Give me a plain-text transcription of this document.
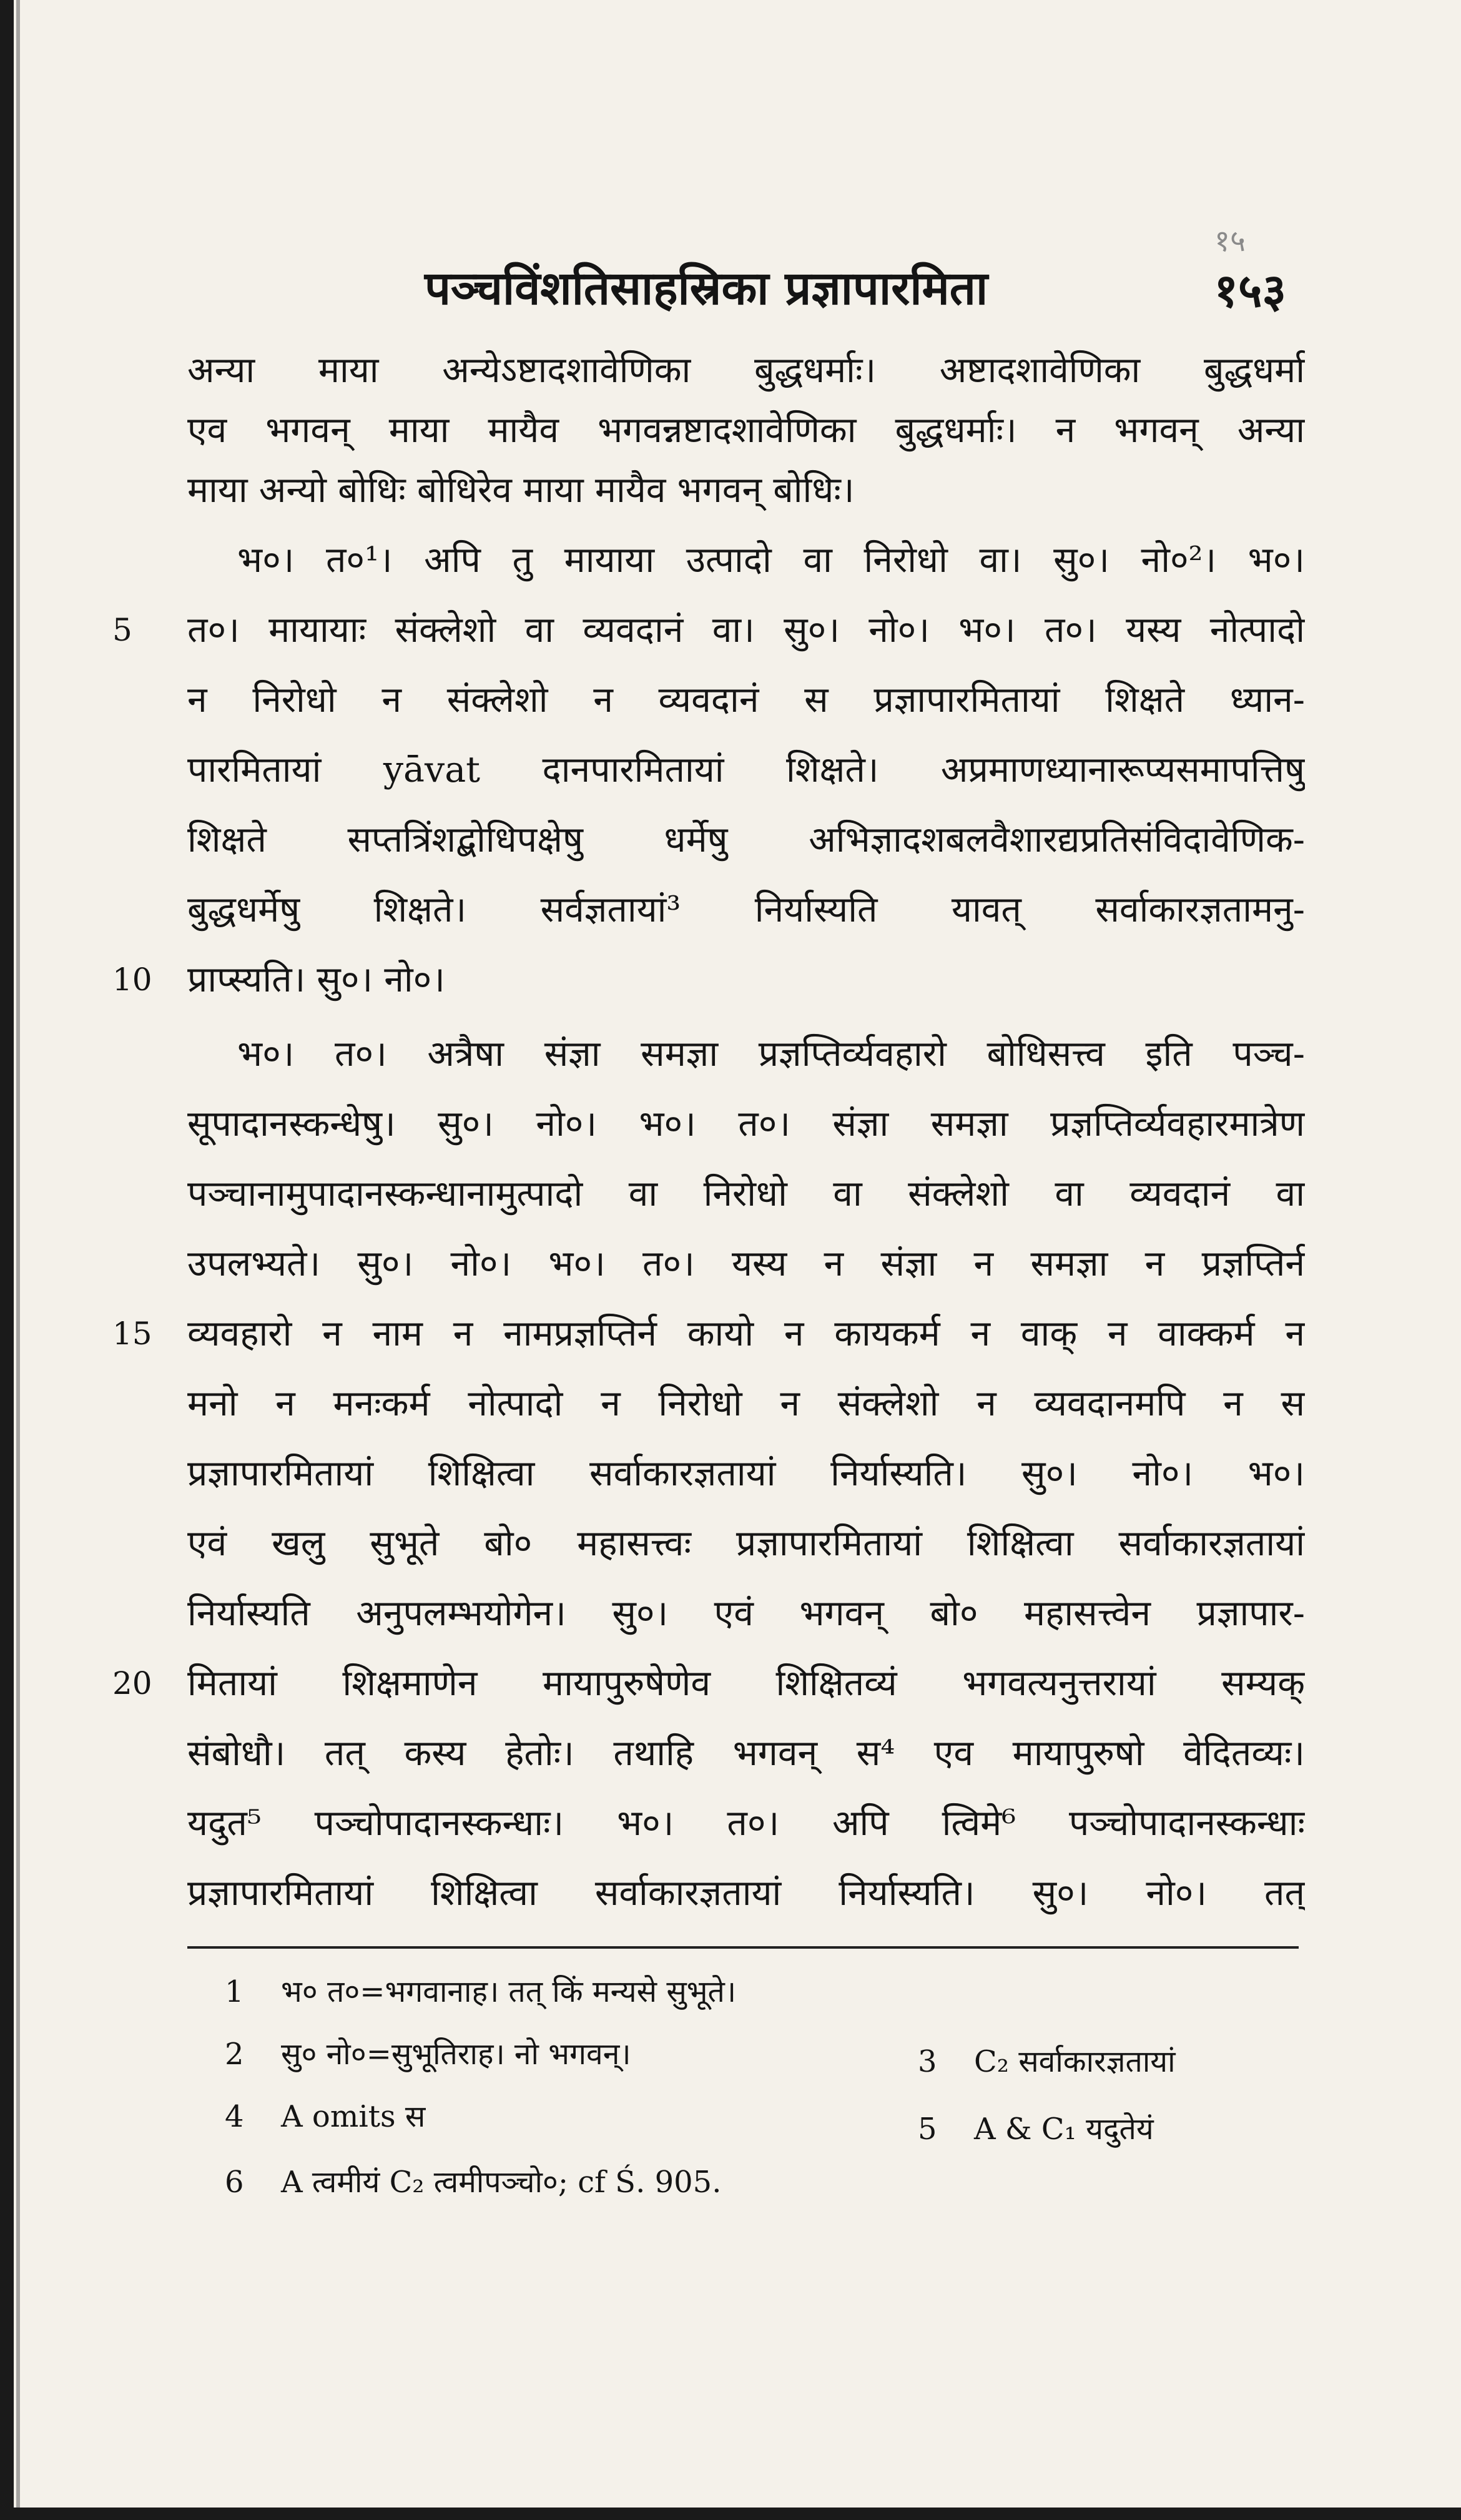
१५
पञ्चविंशतिसाहस्रिका प्रज्ञापारमिता	१५३
अन्या माया अन्येऽष्टादशावेणिका बुद्धधर्माः। अष्टादशावेणिका बुद्धधर्मा
एव भगवन् माया मायैव भगवन्नष्टादशावेणिका बुद्धधर्माः। न भगवन् अन्या
माया अन्यो बोधिः बोधिरेव माया मायैव भगवन् बोधिः।
भ०। त०¹। अपि तु मायाया उत्पादो वा निरोधो वा। सु०। नो०²। भ०।
5	त०। मायायाः संक्लेशो वा व्यवदानं वा। सु०। नो०। भ०। त०। यस्य नोत्पादो
न निरोधो न संक्लेशो न व्यवदानं स प्रज्ञापारमितायां शिक्षते ध्यान-
पारमितायां yāvat दानपारमितायां शिक्षते। अप्रमाणध्यानारूप्यसमापत्तिषु
शिक्षते सप्तत्रिंशद्बोधिपक्षेषु धर्मेषु अभिज्ञादशबलवैशारद्यप्रतिसंविदावेणिक-
बुद्धधर्मेषु शिक्षते। सर्वज्ञतायां³ निर्यास्यति यावत् सर्वाकारज्ञतामनु-
10 प्राप्स्यति। सु०। नो०।
भ०। त०। अत्रैषा संज्ञा समज्ञा प्रज्ञप्तिर्व्यवहारो बोधिसत्त्व इति पञ्च-
सूपादानस्कन्धेषु। सु०। नो०। भ०। त०। संज्ञा समज्ञा प्रज्ञप्तिर्व्यवहारमात्रेण
पञ्चानामुपादानस्कन्धानामुत्पादो वा निरोधो वा संक्लेशो वा व्यवदानं वा
उपलभ्यते। सु०। नो०। भ०। त०। यस्य न संज्ञा न समज्ञा न प्रज्ञप्तिर्न
15 व्यवहारो न नाम न नामप्रज्ञप्तिर्न कायो न कायकर्म न वाक् न वाक्कर्म न
मनो न मनःकर्म नोत्पादो न निरोधो न संक्लेशो न व्यवदानमपि न स
प्रज्ञापारमितायां शिक्षित्वा सर्वाकारज्ञतायां निर्यास्यति। सु०। नो०। भ०।
एवं खलु सुभूते बो० महासत्त्वः प्रज्ञापारमितायां शिक्षित्वा सर्वाकारज्ञतायां
निर्यास्यति अनुपलम्भयोगेन। सु०। एवं भगवन् बो० महासत्त्वेन प्रज्ञापार-
20 मितायां शिक्षमाणेन मायापुरुषेणेव शिक्षितव्यं भगवत्यनुत्तरायां सम्यक्
संबोधौ। तत् कस्य हेतोः। तथाहि भगवन् स⁴ एव मायापुरुषो वेदितव्यः।
यदुत⁵ पञ्चोपादानस्कन्धाः। भ०। त०। अपि त्विमे⁶ पञ्चोपादानस्कन्धाः
प्रज्ञापारमितायां शिक्षित्वा सर्वाकारज्ञतायां निर्यास्यति। सु०। नो०। तत्
1 भ० त०=भगवानाह। तत् किं मन्यसे सुभूते।
2 सु० नो०=सुभूतिराह। नो भगवन्।	3 C₂ सर्वाकारज्ञतायां
4 A omits स	5 A & C₁ यदुतेयं
6 A त्वमीयं C₂ त्वमीपञ्चो०; cf Ś. 905.
